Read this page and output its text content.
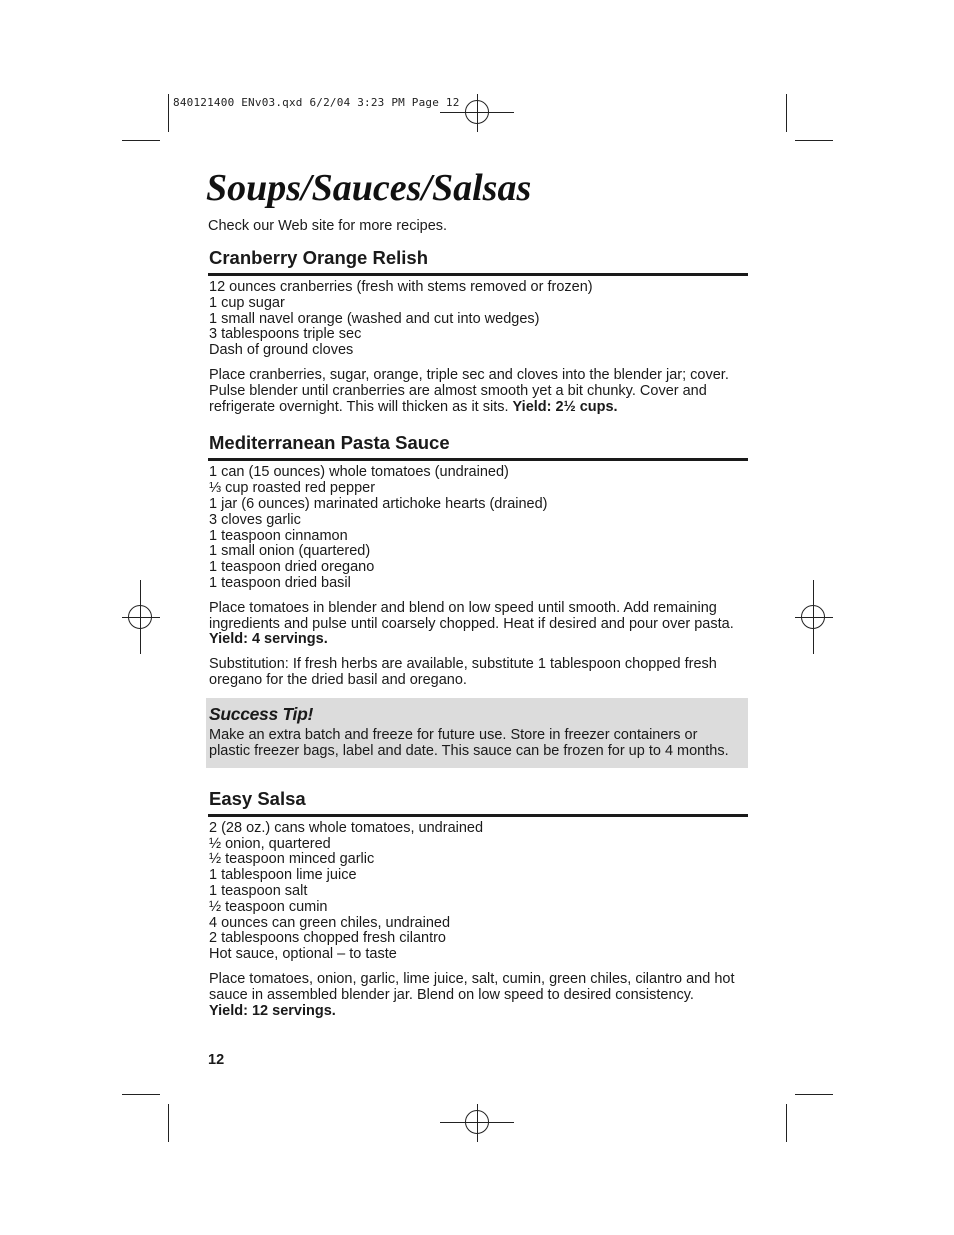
840121400 ENv03.qxd 6/2/04 3:23 PM Page 12
Soups/Sauces/Salsas

Check our Web site for more recipes.

Cranberry Orange Relish
12 ounces cranberries (fresh with stems removed or frozen)
1 cup sugar
1 small navel orange (washed and cut into wedges)
3 tablespoons triple sec
Dash of ground cloves

Place cranberries, sugar, orange, triple sec and cloves into the blender jar; cover. Pulse blender until cranberries are almost smooth yet a bit chunky. Cover and refrigerate overnight. This will thicken as it sits. Yield: 2½ cups.

Mediterranean Pasta Sauce
1 can (15 ounces) whole tomatoes (undrained)
⅓ cup roasted red pepper
1 jar (6 ounces) marinated artichoke hearts (drained)
3 cloves garlic
1 teaspoon cinnamon
1 small onion (quartered)
1 teaspoon dried oregano
1 teaspoon dried basil

Place tomatoes in blender and blend on low speed until smooth. Add remaining ingredients and pulse until coarsely chopped. Heat if desired and pour over pasta. Yield: 4 servings.

Substitution: If fresh herbs are available, substitute 1 tablespoon chopped fresh oregano for the dried basil and oregano.

Success Tip!

Make an extra batch and freeze for future use. Store in freezer containers or plastic freezer bags, label and date. This sauce can be frozen for up to 4 months.

Easy Salsa
2 (28 oz.) cans whole tomatoes, undrained
½ onion, quartered
½ teaspoon minced garlic
1 tablespoon lime juice
1 teaspoon salt
½ teaspoon cumin
4 ounces can green chiles, undrained
2 tablespoons chopped fresh cilantro
Hot sauce, optional – to taste

Place tomatoes, onion, garlic, lime juice, salt, cumin, green chiles, cilantro and hot sauce in assembled blender jar. Blend on low speed to desired consistency.
Yield: 12 servings.

12
